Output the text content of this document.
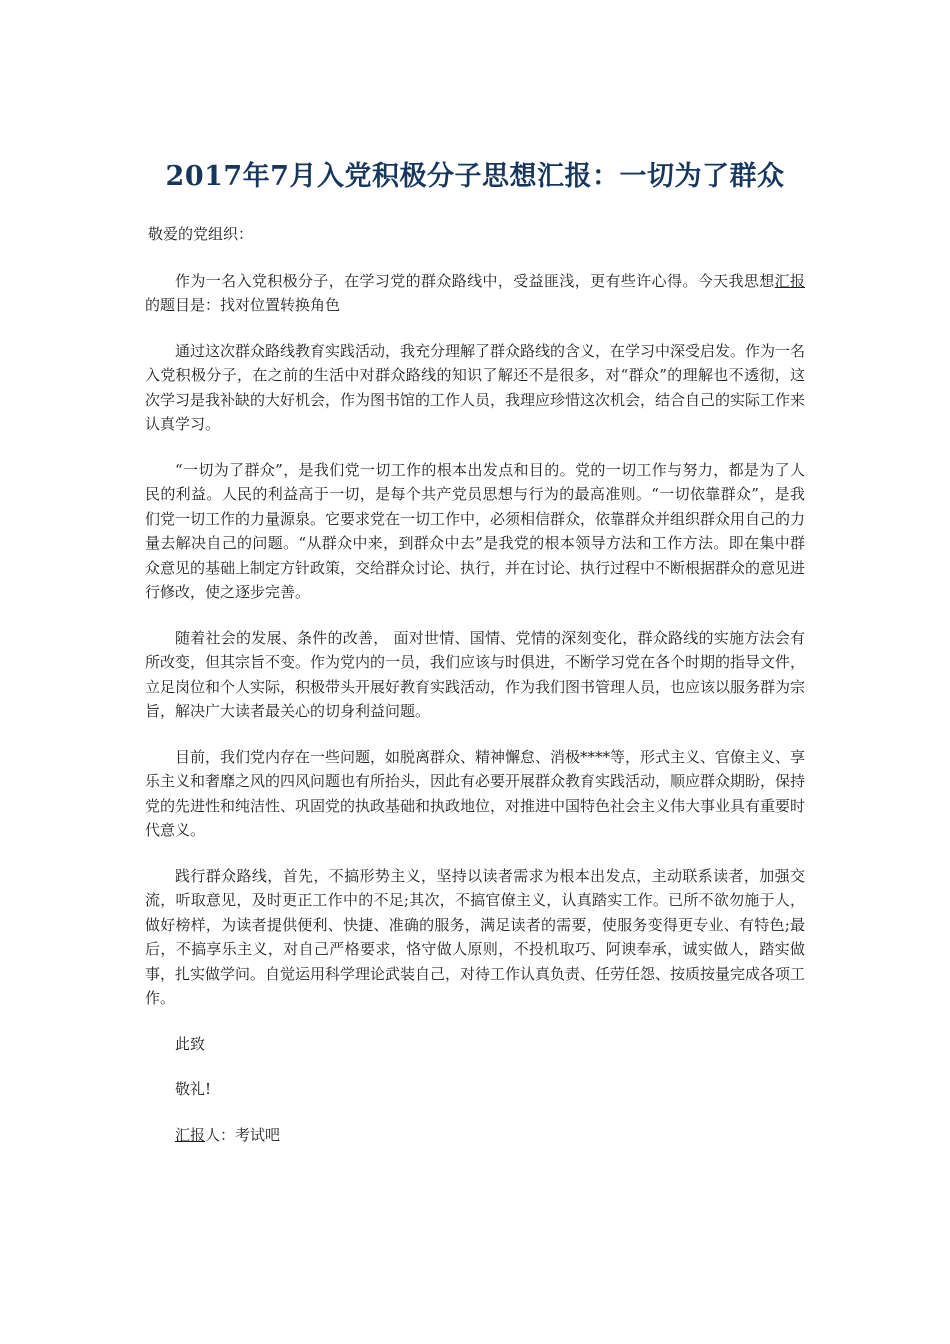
2017年7月入党积极分子思想汇报：一切为了群众

敬爱的党组织：

作为一名入党积极分子，在学习党的群众路线中，受益匪浅，更有些许心得。今天我思想汇报的题目是：找对位置转换角色

通过这次群众路线教育实践活动，我充分理解了群众路线的含义，在学习中深受启发。作为一名入党积极分子，在之前的生活中对群众路线的知识了解还不是很多，对“群众”的理解也不透彻，这次学习是我补缺的大好机会，作为图书馆的工作人员，我理应珍惜这次机会，结合自己的实际工作来认真学习。

“一切为了群众”，是我们党一切工作的根本出发点和目的。党的一切工作与努力，都是为了人民的利益。人民的利益高于一切，是每个共产党员思想与行为的最高准则。“一切依靠群众”，是我们党一切工作的力量源泉。它要求党在一切工作中，必须相信群众，依靠群众并组织群众用自己的力量去解决自己的问题。“从群众中来，到群众中去”是我党的根本领导方法和工作方法。即在集中群众意见的基础上制定方针政策，交给群众讨论、执行，并在讨论、执行过程中不断根据群众的意见进行修改，使之逐步完善。

随着社会的发展、条件的改善， 面对世情、国情、党情的深刻变化，群众路线的实施方法会有所改变，但其宗旨不变。作为党内的一员，我们应该与时俱进，不断学习党在各个时期的指导文件，立足岗位和个人实际，积极带头开展好教育实践活动，作为我们图书管理人员，也应该以服务群为宗旨，解决广大读者最关心的切身利益问题。

目前，我们党内存在一些问题，如脱离群众、精神懈怠、消极****等，形式主义、官僚主义、享乐主义和奢靡之风的四风问题也有所抬头，因此有必要开展群众教育实践活动，顺应群众期盼，保持党的先进性和纯洁性、巩固党的执政基础和执政地位，对推进中国特色社会主义伟大事业具有重要时代意义。

践行群众路线，首先，不搞形势主义，坚持以读者需求为根本出发点，主动联系读者，加强交流，听取意见，及时更正工作中的不足;其次，不搞官僚主义，认真踏实工作。已所不欲勿施于人，做好榜样，为读者提供便利、快捷、准确的服务，满足读者的需要，使服务变得更专业、有特色;最后，不搞享乐主义，对自己严格要求，恪守做人原则，不投机取巧、阿谀奉承，诚实做人，踏实做事，扎实做学问。自觉运用科学理论武装自己，对待工作认真负责、任劳任怨、按质按量完成各项工作。

此致

敬礼!

汇报人：考试吧
